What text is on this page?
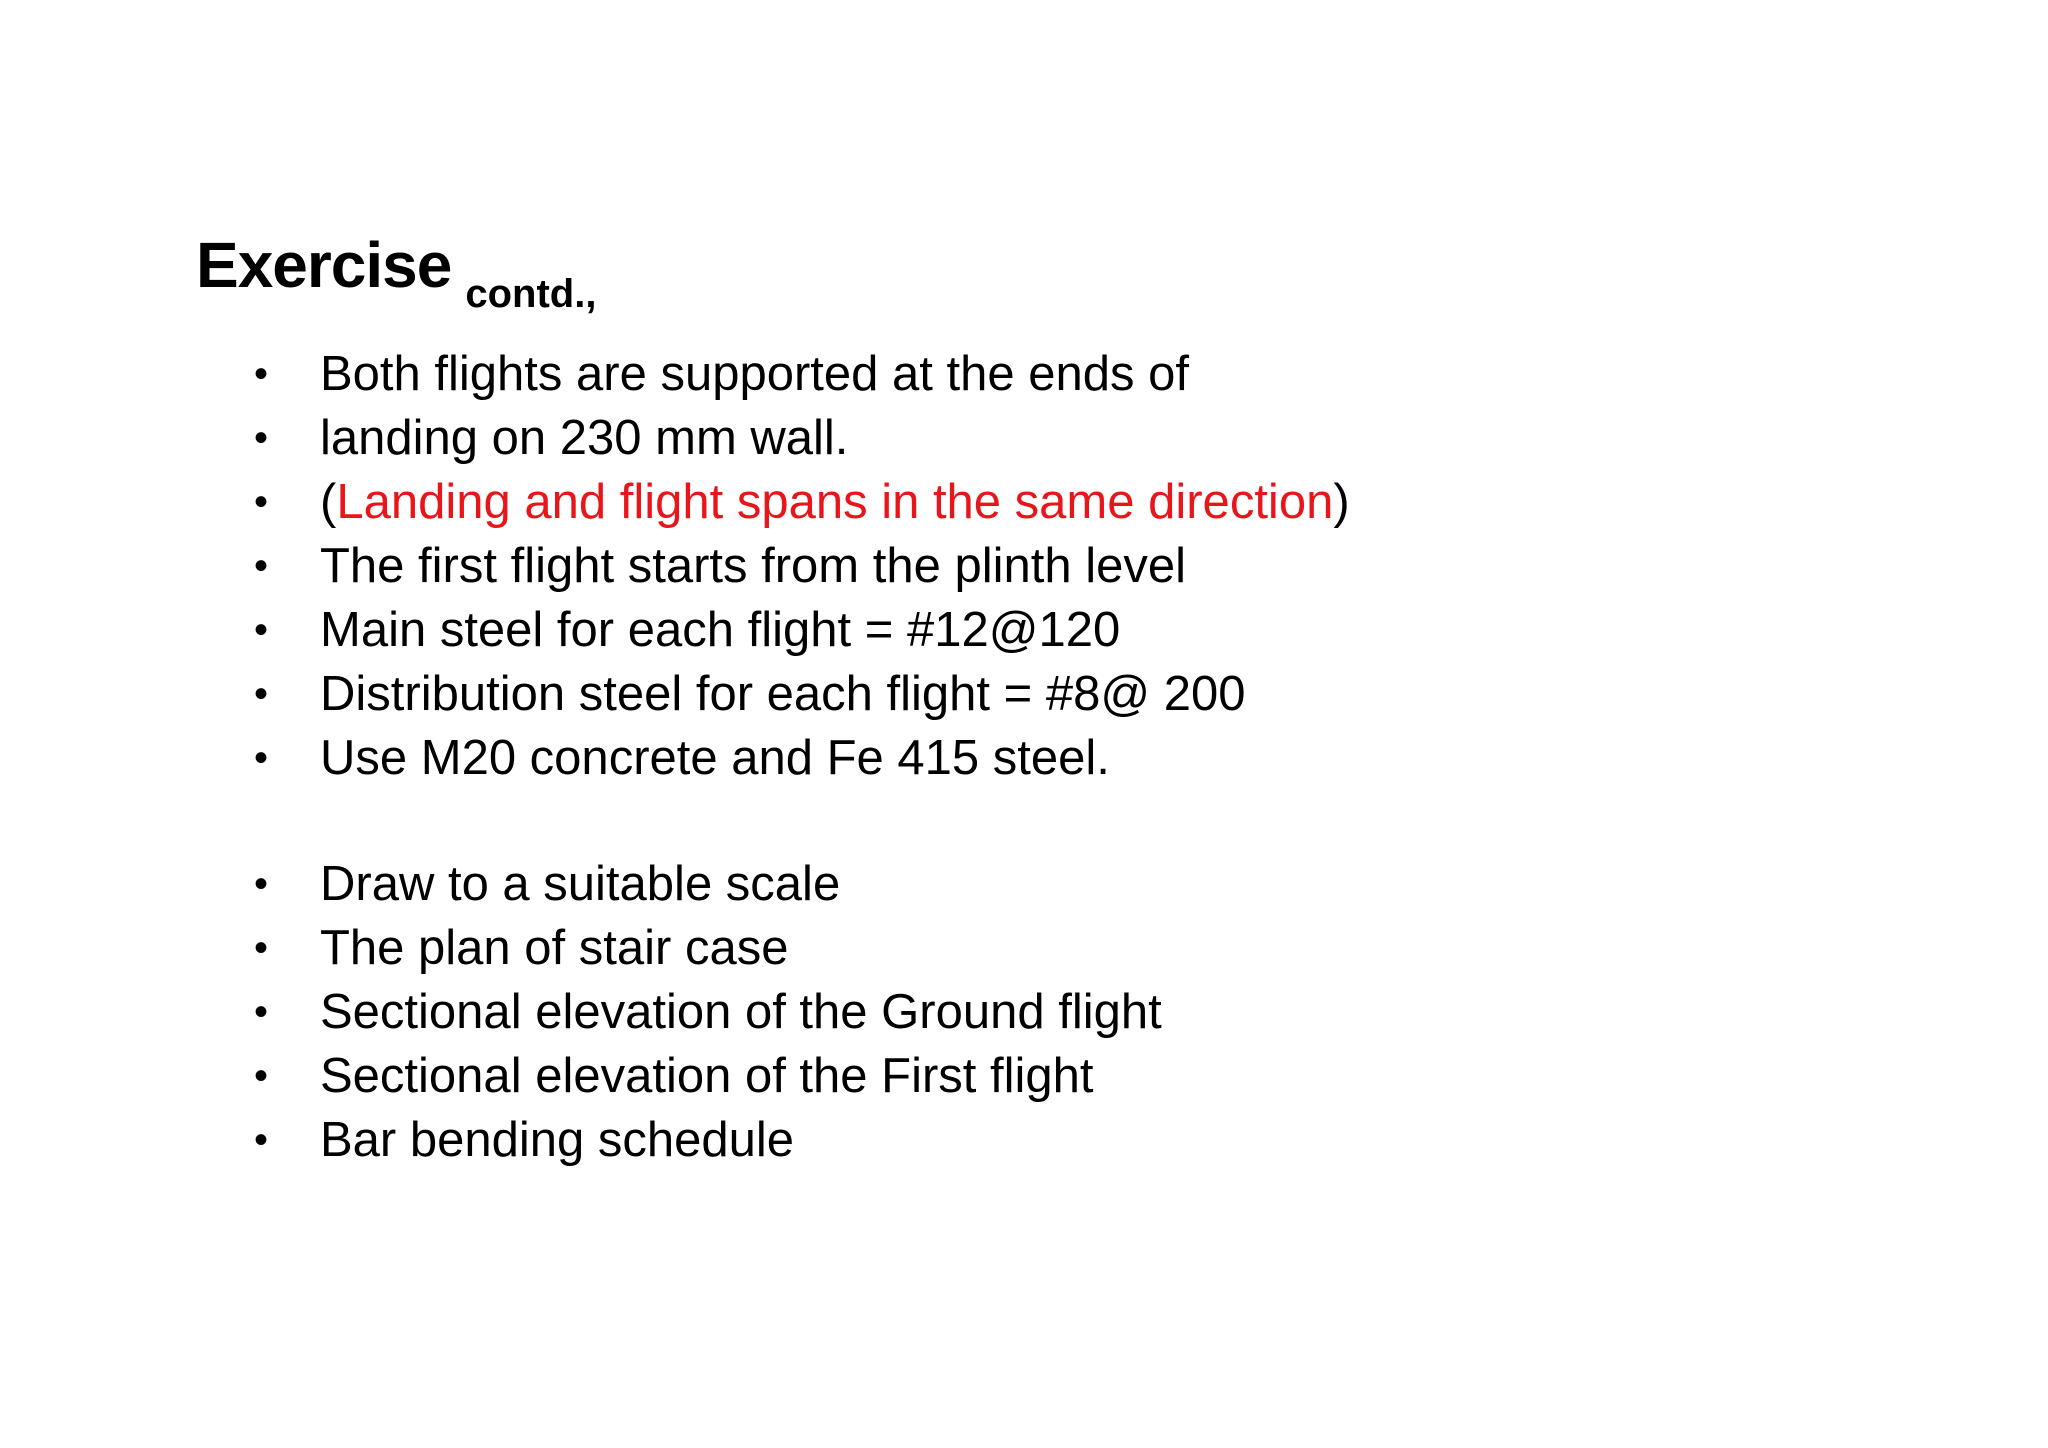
Exercise contd.,
• Both flights are supported at the ends of
• landing on 230 mm wall.
• (Landing and flight spans in the same direction)
• The first flight starts from the plinth level
• Main steel for each flight = #12@120
• Distribution steel for each flight = #8@ 200
• Use M20 concrete and Fe 415 steel.
• Draw to a suitable scale
• The plan of stair case
• Sectional elevation of the Ground flight
• Sectional elevation of the First flight
• Bar bending schedule
